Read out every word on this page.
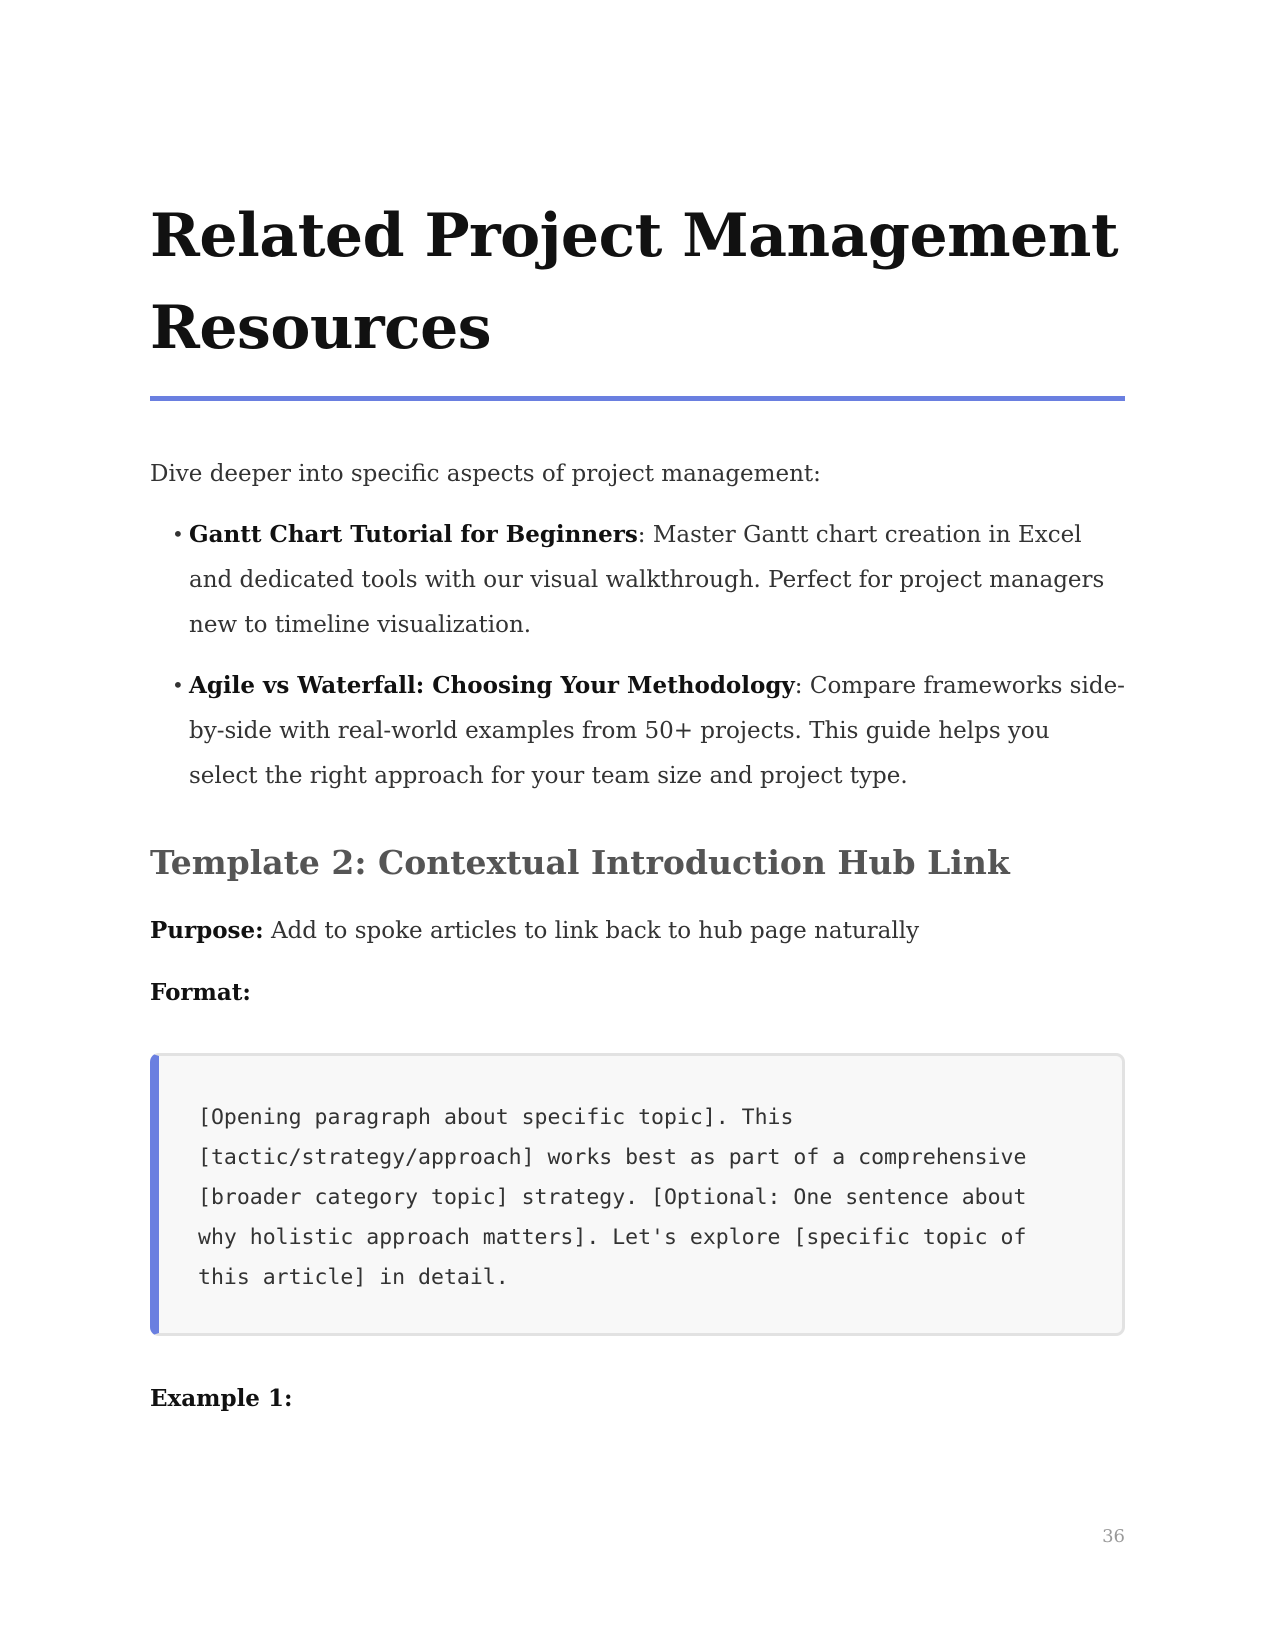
Related Project Management Resources

Dive deeper into specific aspects of project management:

• Gantt Chart Tutorial for Beginners: Master Gantt chart creation in Excel and dedicated tools with our visual walkthrough. Perfect for project managers new to timeline visualization.
• Agile vs Waterfall: Choosing Your Methodology: Compare frameworks side-by-side with real-world examples from 50+ projects. This guide helps you select the right approach for your team size and project type.
Template 2: Contextual Introduction Hub Link

Purpose: Add to spoke articles to link back to hub page naturally

Format:

[Opening paragraph about specific topic]. This [tactic/strategy/approach] works best as part of a comprehensive [broader category topic] strategy. [Optional: One sentence about why holistic approach matters]. Let's explore [specific topic of this article] in detail.

Example 1:

36
